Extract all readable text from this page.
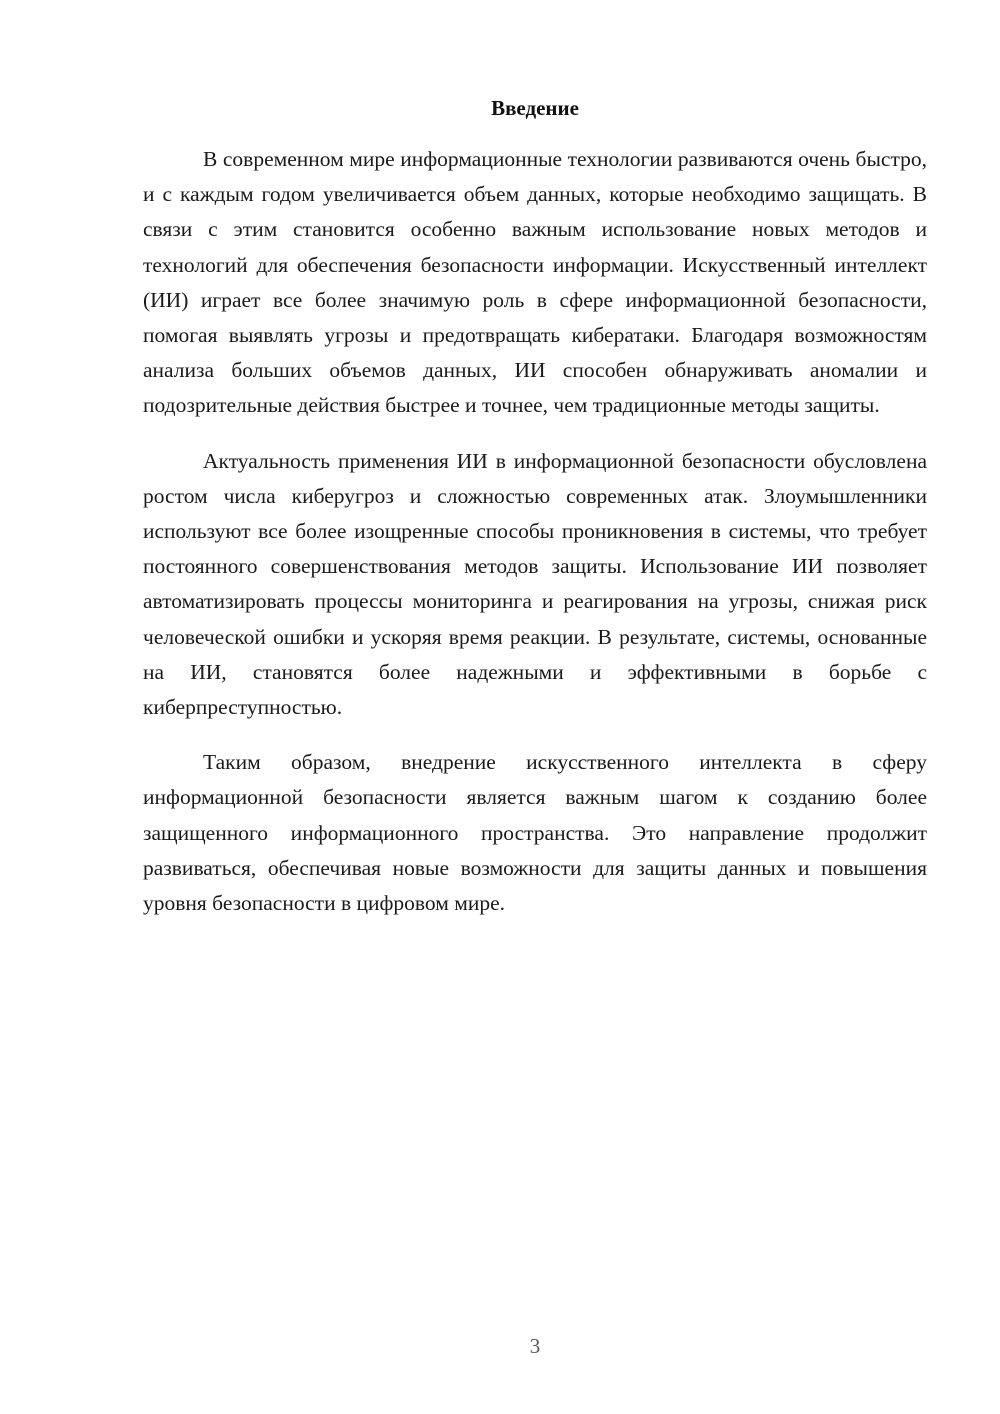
Введение

В современном мире информационные технологии развиваются очень быстро, и с каждым годом увеличивается объем данных, которые необходимо защищать. В связи с этим становится особенно важным использование новых методов и технологий для обеспечения безопасности информации. Искусственный интеллект (ИИ) играет все более значимую роль в сфере информационной безопасности, помогая выявлять угрозы и предотвращать кибератаки. Благодаря возможностям анализа больших объемов данных, ИИ способен обнаруживать аномалии и подозрительные действия быстрее и точнее, чем традиционные методы защиты.

Актуальность применения ИИ в информационной безопасности обусловлена ростом числа киберугроз и сложностью современных атак. Злоумышленники используют все более изощренные способы проникновения в системы, что требует постоянного совершенствования методов защиты. Использование ИИ позволяет автоматизировать процессы мониторинга и реагирования на угрозы, снижая риск человеческой ошибки и ускоряя время реакции. В результате, системы, основанные на ИИ, становятся более надежными и эффективными в борьбе с киберпреступностью.

Таким образом, внедрение искусственного интеллекта в сферу информационной безопасности является важным шагом к созданию более защищенного информационного пространства. Это направление продолжит развиваться, обеспечивая новые возможности для защиты данных и повышения уровня безопасности в цифровом мире.

3
